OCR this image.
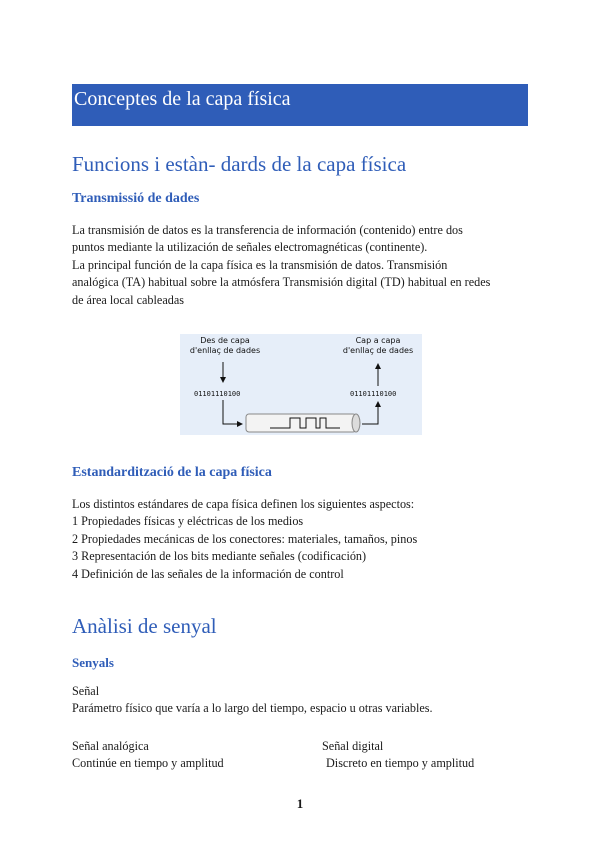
Conceptes de la capa física
Funcions i estàn- dards de la capa física
Transmissió de dades
La transmisión de datos es la transferencia de información (contenido) entre dos
puntos mediante la utilización de señales electromagnéticas (continente).
La principal función de la capa física es la transmisión de datos. Transmisión
analógica (TA) habitual sobre la atmósfera Transmisión digital (TD) habitual en redes
de área local cableadas
Des de capa
d'enllaç de dades
Cap a capa
d'enllaç de dades
01101110100	01101110100
Estandardització de la capa física
Los distintos estándares de capa física definen los siguientes aspectos:
1 Propiedades físicas y eléctricas de los medios
2 Propiedades mecánicas de los conectores: materiales, tamaños, pinos
3 Representación de los bits mediante señales (codificación)
4 Definición de las señales de la información de control
Anàlisi de senyal
Senyals
Señal
Parámetro físico que varía a lo largo del tiempo, espacio u otras variables.
Señal analógica
Continúe en tiempo y amplitud
Señal digital
Discreto en tiempo y amplitud
1
